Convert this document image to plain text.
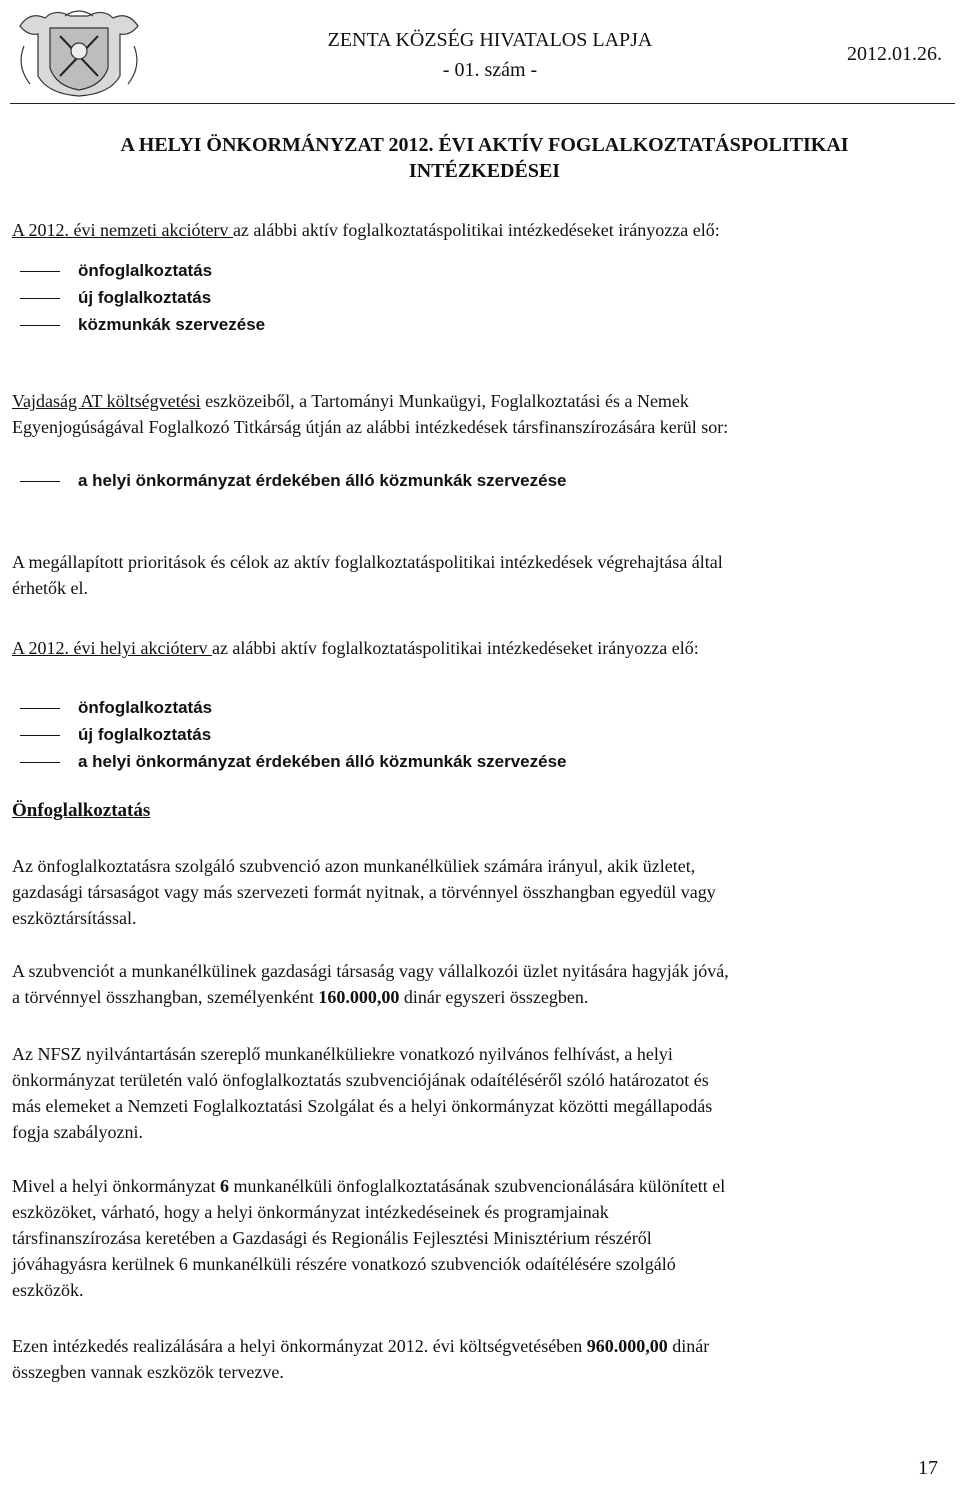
ZENTA KÖZSÉG HIVATALOS LAPJA
- 01. szám -
2012.01.26.
A HELYI ÖNKORMÁNYZAT 2012. ÉVI AKTÍV FOGLALKOZTATÁSPOLITIKAI
INTÉZKEDÉSEI
A 2012. évi nemzeti akcióterv az alábbi aktív foglalkoztatáspolitikai intézkedéseket irányozza elő:
önfoglalkoztatás
új foglalkoztatás
közmunkák szervezése
Vajdaság AT költségvetési eszközeiből, a Tartományi Munkaügyi, Foglalkoztatási és a Nemek
Egyenjogúságával Foglalkozó Titkárság útján az alábbi intézkedések társfinanszírozására kerül sor:
a helyi önkormányzat érdekében álló közmunkák szervezése
A megállapított prioritások és célok az aktív foglalkoztatáspolitikai intézkedések végrehajtása által
érhetők el.
A 2012. évi helyi akcióterv az alábbi aktív foglalkoztatáspolitikai intézkedéseket irányozza elő:
önfoglalkoztatás
új foglalkoztatás
a helyi önkormányzat érdekében álló közmunkák szervezése
Önfoglalkoztatás
Az önfoglalkoztatásra szolgáló szubvenció azon munkanélküliek számára irányul, akik üzletet,
gazdasági társaságot vagy más szervezeti formát nyitnak, a törvénnyel összhangban egyedül vagy
eszköztársítással.
A szubvenciót a munkanélkülinek gazdasági társaság vagy vállalkozói üzlet nyitására hagyják jóvá,
a törvénnyel összhangban, személyenként 160.000,00 dinár egyszeri összegben.
Az NFSZ nyilvántartásán szereplő munkanélküliekre vonatkozó nyilvános felhívást, a helyi
önkormányzat területén való önfoglalkoztatás szubvenciójának odaítéléséről szóló határozatot és
más elemeket a Nemzeti Foglalkoztatási Szolgálat és a helyi önkormányzat közötti megállapodás
fogja szabályozni.
Mivel a helyi önkormányzat 6 munkanélküli önfoglalkoztatásának szubvencionálására különített el
eszközöket, várható, hogy a helyi önkormányzat intézkedéseinek és programjainak
társfinanszírozása keretében a Gazdasági és Regionális Fejlesztési Minisztérium részéről
jóváhagyásra kerülnek 6 munkanélküli részére vonatkozó szubvenciók odaítélésére szolgáló
eszközök.
Ezen intézkedés realizálására a helyi önkormányzat 2012. évi költségvetésében 960.000,00 dinár
összegben vannak eszközök tervezve.
17
